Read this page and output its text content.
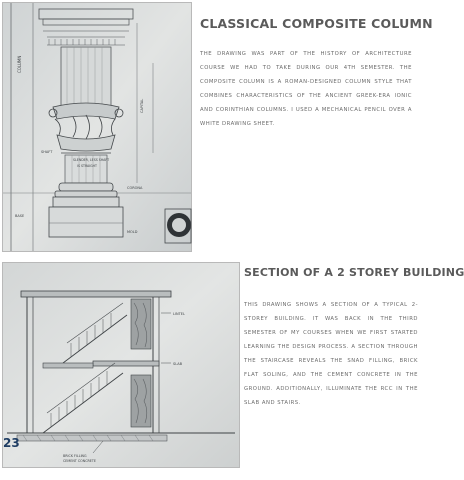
SHAFT
SLENDER, LESS SHAFT
IS STRAIGHT
CORONA
BASE
MOLD
CAPITAL
COLUMN
CLASSICAL COMPOSITE COLUMN

THE DRAWING WAS PART OF THE HISTORY OF ARCHITECTURE COURSE WE HAD TO TAKE DURING OUR 4TH SEMESTER. THE COMPOSITE COLUMN IS A ROMAN-DESIGNED COLUMN STYLE THAT COMBINES CHARACTERISTICS OF THE ANCIENT GREEK-ERA IONIC AND CORINTHIAN COLUMNS. I USED A MECHANICAL PENCIL OVER A WHITE DRAWING SHEET.

LINTEL
SLAB
BRICK FILLING
CEMENT CONCRETE
SECTION OF A 2 STOREY BUILDING

THIS DRAWING SHOWS A SECTION OF A TYPICAL 2-STOREY BUILDING. IT WAS BACK IN THE THIRD SEMESTER OF MY COURSES WHEN WE FIRST STARTED LEARNING THE DESIGN PROCESS. A SECTION THROUGH THE STAIRCASE REVEALS THE SNAD FILLING, BRICK FLAT SOLING, AND THE CEMENT CONCRETE IN THE GROUND. ADDITIONALLY, ILLUMINATE THE RCC IN THE SLAB AND STAIRS.

23
